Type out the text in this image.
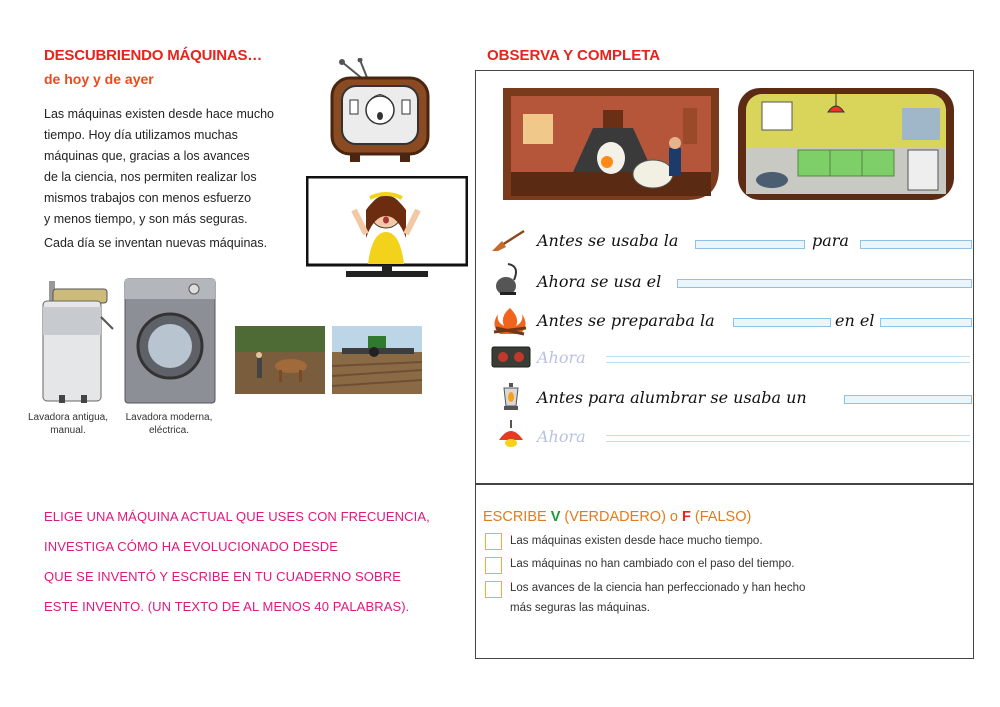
DESCUBRIENDO MÁQUINAS…
de hoy y de ayer

Las máquinas existen desde hace mucho

tiempo. Hoy día utilizamos muchas

máquinas que, gracias a los avances

de la ciencia, nos permiten realizar los

mismos trabajos con menos esfuerzo

y menos tiempo, y son más seguras.

Cada día se inventan nuevas máquinas.

Lavadora antigua,
manual.
Lavadora moderna,
eléctrica.

ELIGE UNA MÁQUINA ACTUAL QUE USES CON FRECUENCIA,

INVESTIGA CÓMO HA EVOLUCIONADO DESDE

QUE SE INVENTÓ Y ESCRIBE EN TU CUADERNO SOBRE

ESTE INVENTO. (UN TEXTO DE AL MENOS 40 PALABRAS).

OBSERVA Y COMPLETA
Antes se usaba la	para
Ahora se usa el
Antes se preparaba la	en el
Ahora
Antes para alumbrar se usaba un
Ahora
ESCRIBE V (VERDADERO) o F (FALSO)
Las máquinas existen desde hace mucho tiempo.
Las máquinas no han cambiado con el paso del tiempo.
Los avances de la ciencia han perfeccionado y han hecho
más seguras las máquinas.
